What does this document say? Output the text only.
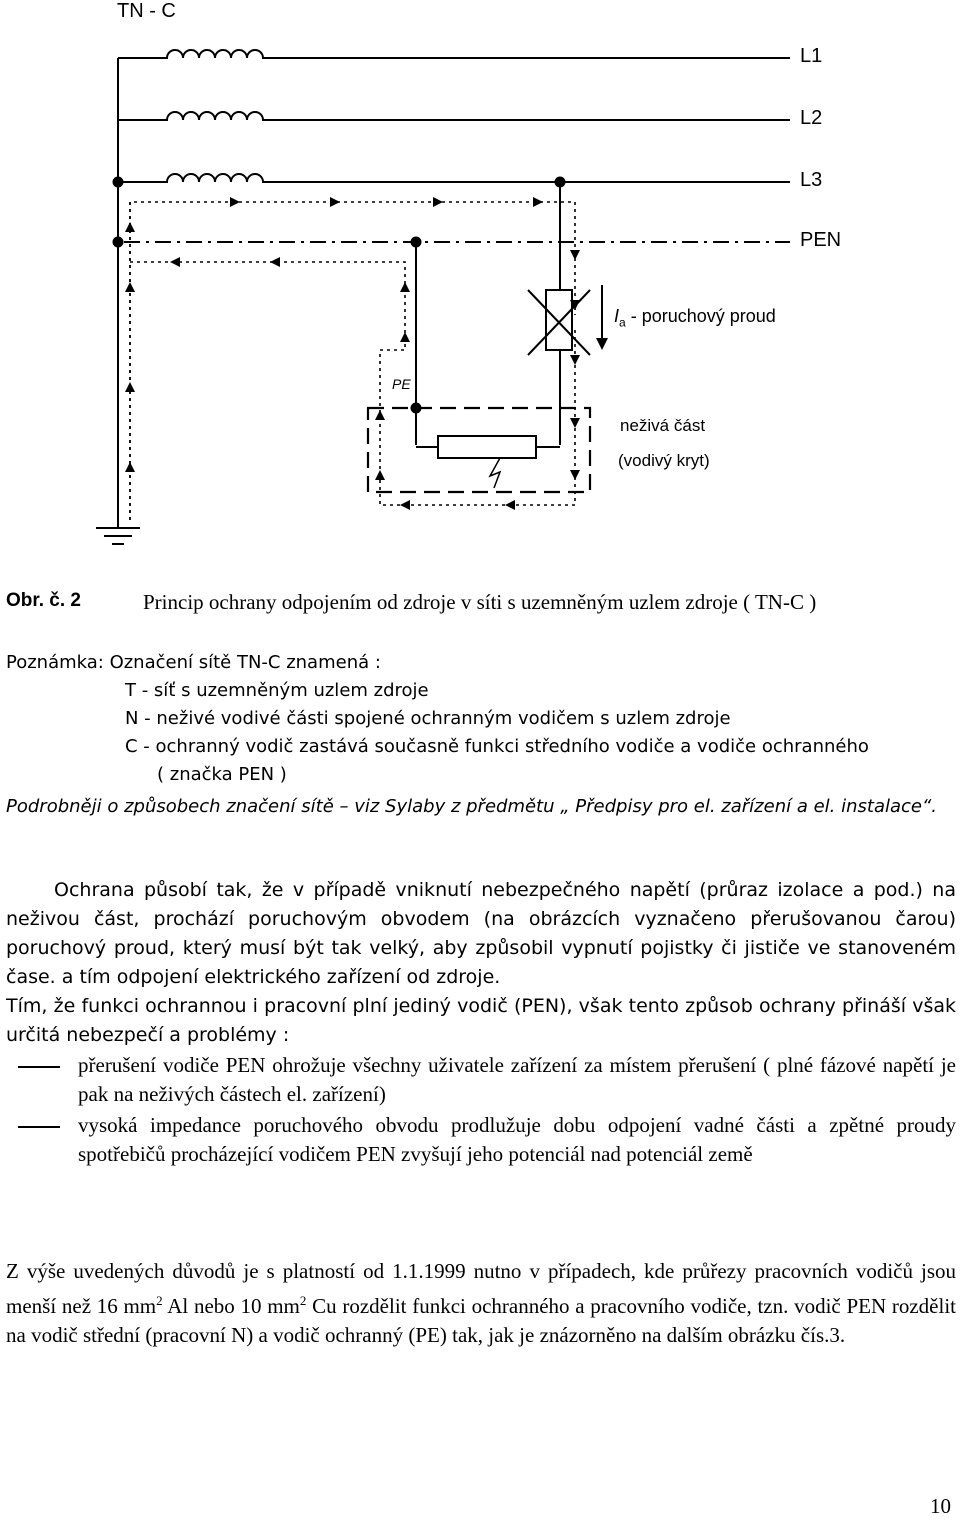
TN - C
L1
L2
L3
PEN
$I_a$ - poruchový proud
PE
neživá část
(vodivý kryt)
Obr. č. 2	Princip ochrany odpojením od zdroje v síti s uzemněným uzlem zdroje ( TN-C )
Poznámka: Označení sítě TN-C znamená :
T - síť s uzemněným uzlem zdroje
N - neživé vodivé části spojené ochranným vodičem s uzlem zdroje
C - ochranný vodič zastává současně funkci středního vodiče a vodiče ochranného
( značka PEN )
Podrobněji o způsobech značení sítě – viz Sylaby z předmětu „ Předpisy pro el. zařízení a el. instalace“.
Ochrana působí tak, že v případě vniknutí nebezpečného napětí (průraz izolace a pod.) na neživou část, prochází poruchovým obvodem (na obrázcích vyznačeno přerušovanou čarou) poruchový proud, který musí být tak velký, aby způsobil vypnutí pojistky či jističe ve stanoveném čase. a tím odpojení elektrického zařízení od zdroje.
Tím, že funkci ochrannou i pracovní plní jediný vodič (PEN), však tento způsob ochrany přináší však určitá nebezpečí a problémy :
přerušení vodiče PEN ohrožuje všechny uživatele zařízení za místem přerušení ( plné fázové napětí je pak na neživých částech el. zařízení)
vysoká impedance poruchového obvodu prodlužuje dobu odpojení vadné části a zpětné proudy spotřebičů procházející vodičem PEN zvyšují jeho potenciál nad potenciál země
Z výše uvedených důvodů je s platností od 1.1.1999 nutno v případech, kde průřezy pracovních vodičů jsou menší než 16 $mm^2$ Al nebo 10 $mm^2$ Cu rozdělit funkci ochranného a pracovního vodiče, tzn. vodič PEN rozdělit na vodič střední (pracovní N) a vodič ochranný (PE) tak, jak je znázorněno na dalším obrázku čís.3.
10
